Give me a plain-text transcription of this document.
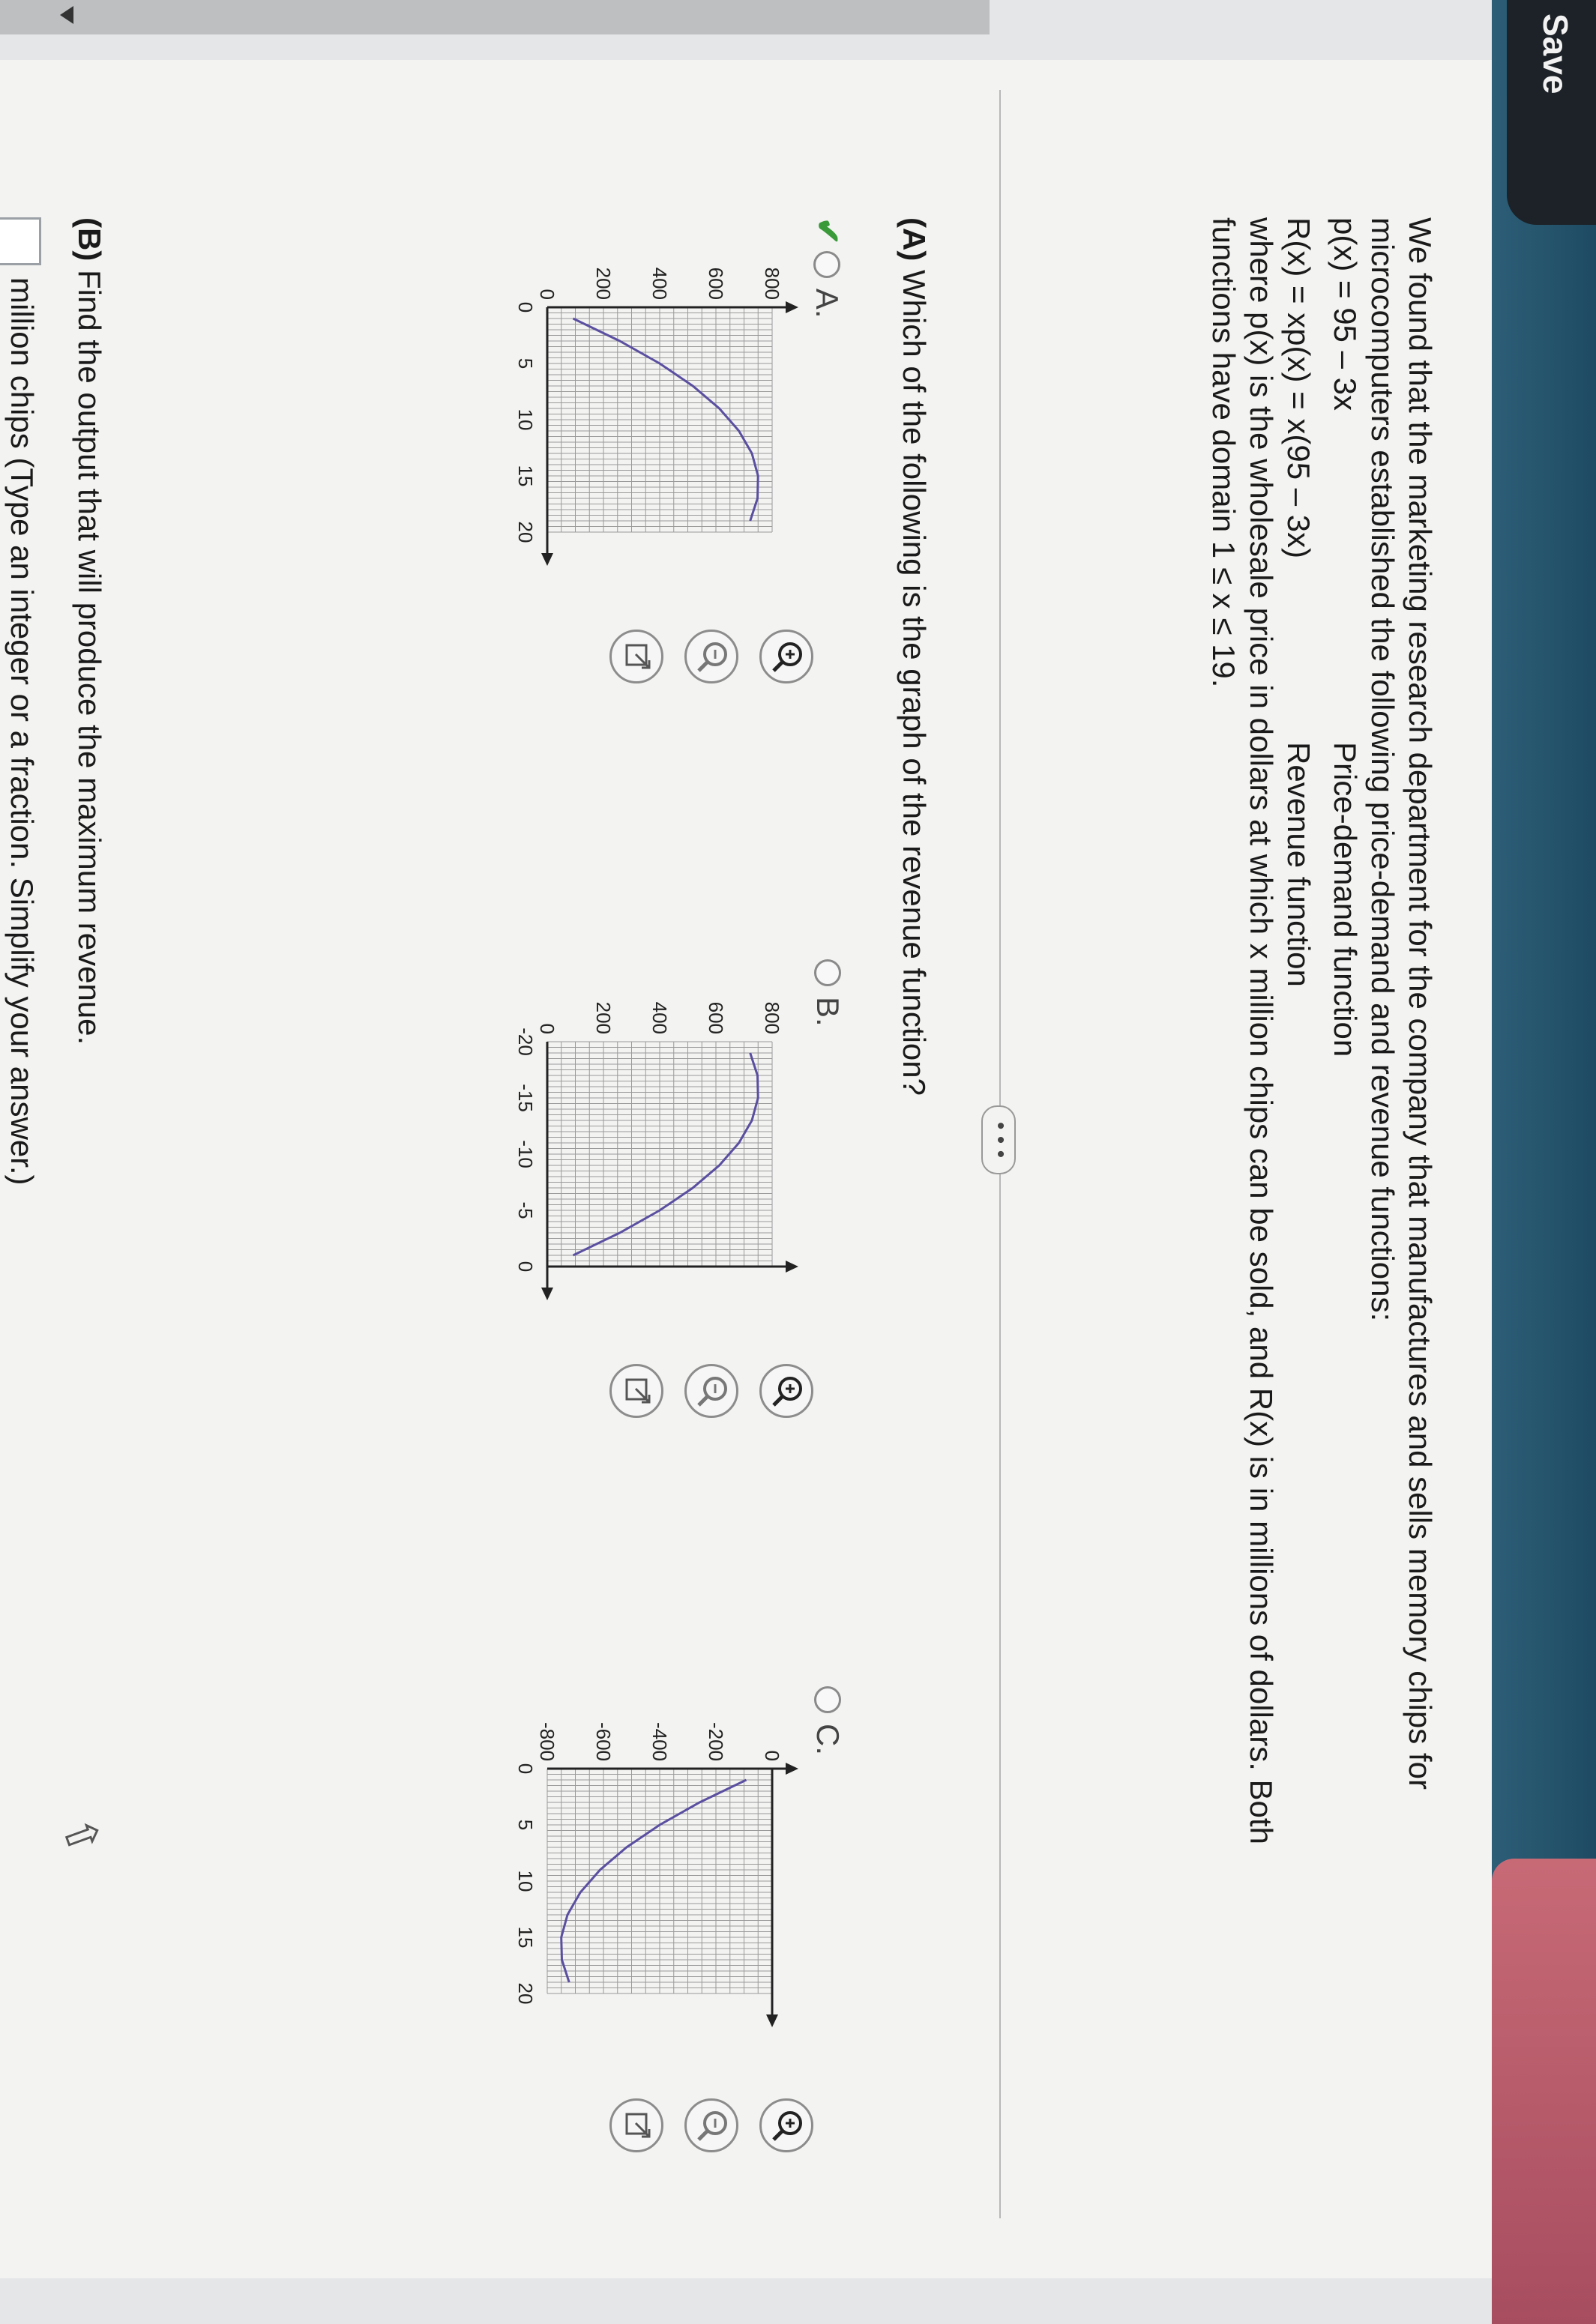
Save
We found that the marketing research department for the company that manufactures and sells memory chips for
microcomputers established the following price-demand and revenue functions:
p(x) = 95 – 3x
Price-demand function
R(x) = xp(x) = x(95 – 3x)
Revenue function
where p(x) is the wholesale price in dollars at which x million chips can be sold, and R(x) is in millions of dollars. Both
functions have domain 1 ≤ x ≤ 19.
• • •
(A) Which of the following is the graph of the revenue function?
✔
A.
B.
C.
0
5
10
15
20
0 200 400 600 800
-20
-15
-10
-5
0
0 200 400 600 800
0
5
10
15
20
0
-200
-400
-600
-800
(B) Find the output that will produce the maximum revenue.
million chips (Type an integer or a fraction. Simplify your answer.)
⇧
